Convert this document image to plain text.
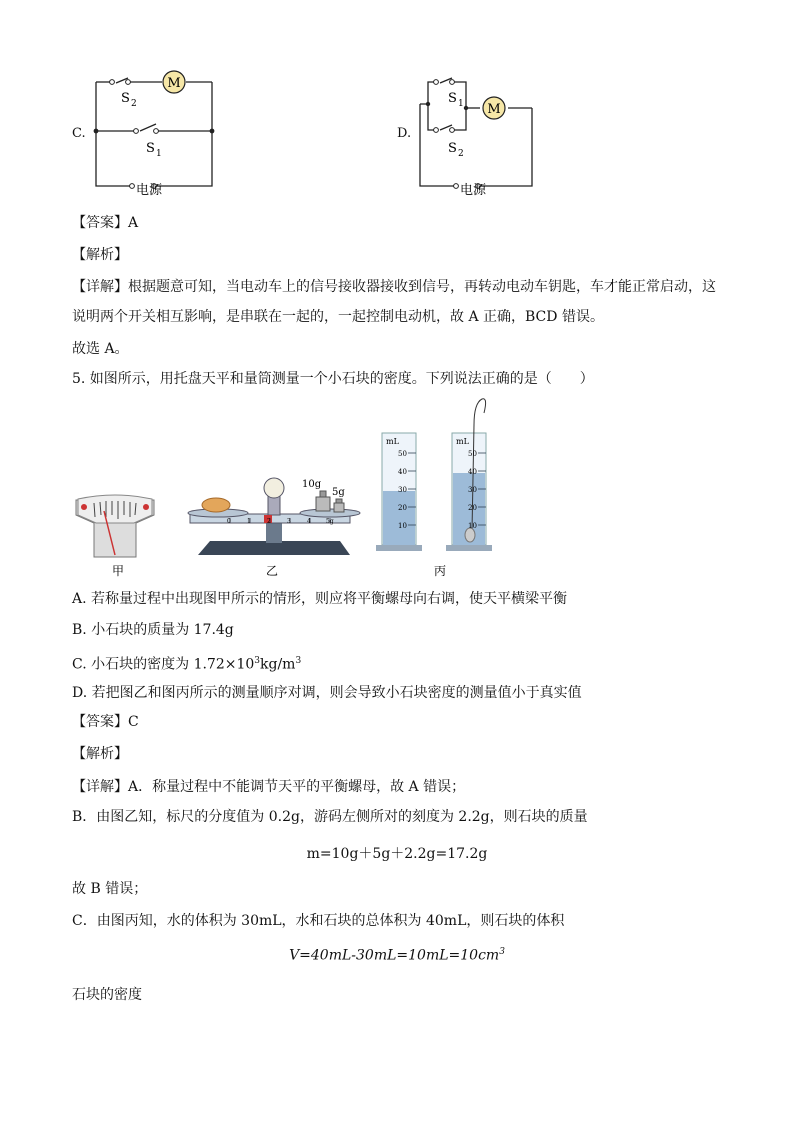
C.
M
S 2
S 1
电源
D.
M
S 1
S 2
电源
【答案】A
【解析】
【详解】根据题意可知，当电动车上的信号接收器接收到信号，再转动电动车钥匙，车才能正常启动，这
说明两个开关相互影响，是串联在一起的，一起控制电动机，故 A 正确，BCD 错误。
故选 A。
5. 如图所示，用托盘天平和量筒测量一个小石块的密度。下列说法正确的是（　　）
甲
0	1	2	3	4	5g
10g
5g
乙
mL
50
40
30
20
10
mL
50
40
30
20
10
丙
A. 若称量过程中出现图甲所示的情形，则应将平衡螺母向右调，使天平横梁平衡
B. 小石块的质量为 17.4g
C. 小石块的密度为 $1.72\times 10^3kg/m^3$
D. 若把图乙和图丙所示的测量顺序对调，则会导致小石块密度的测量值小于真实值
【答案】C
【解析】
【详解】A．称量过程中不能调节天平的平衡螺母，故 A 错误；
B．由图乙知，标尺的分度值为 0.2g，游码左侧所对的刻度为 2.2g，则石块的质量
m=10g＋5g＋2.2g=17.2g
故 B 错误；
C．由图丙知，水的体积为 30mL，水和石块的总体积为 40mL，则石块的体积
$V=40mL-30mL=10mL=10cm^3$
石块的密度
